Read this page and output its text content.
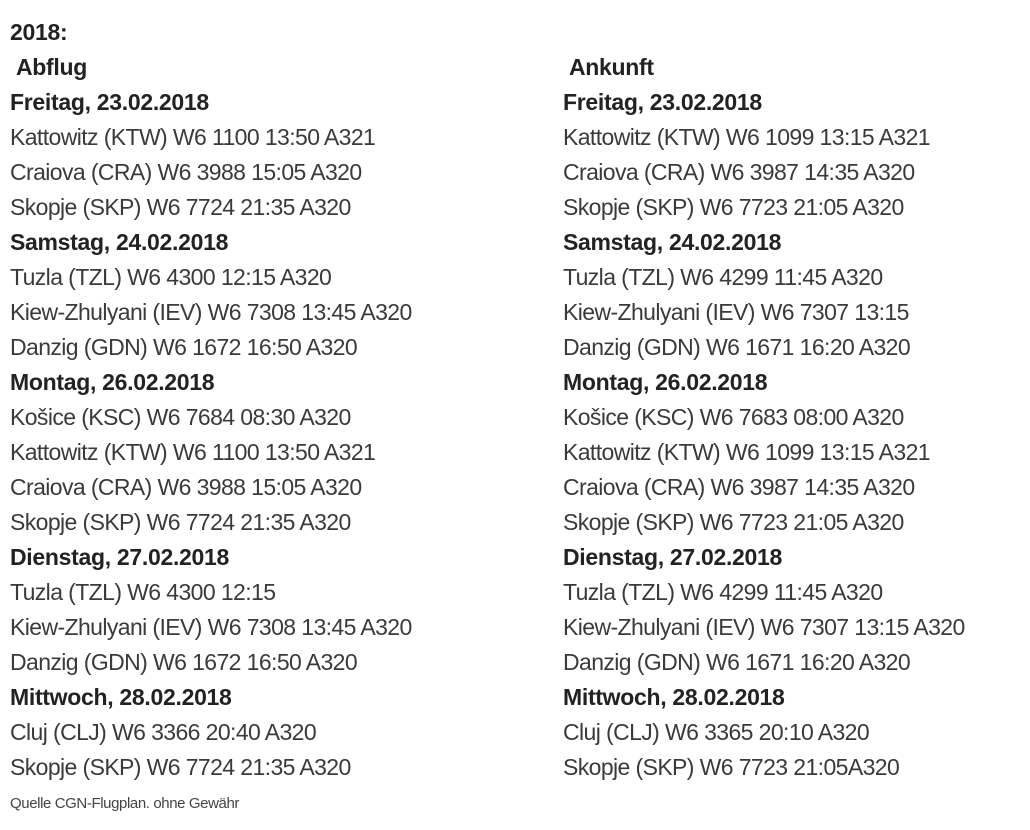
2018:
Abflug
Freitag, 23.02.2018
Kattowitz (KTW) W6 1100 13:50 A321
Craiova (CRA) W6 3988 15:05 A320
Skopje (SKP) W6 7724 21:35 A320
Samstag, 24.02.2018
Tuzla (TZL) W6 4300 12:15 A320
Kiew-Zhulyani (IEV) W6 7308 13:45 A320
Danzig (GDN) W6 1672 16:50 A320
Montag, 26.02.2018
Košice (KSC) W6 7684 08:30 A320
Kattowitz (KTW) W6 1100 13:50 A321
Craiova (CRA) W6 3988 15:05 A320
Skopje (SKP) W6 7724 21:35 A320
Dienstag, 27.02.2018
Tuzla (TZL) W6 4300 12:15
Kiew-Zhulyani (IEV) W6 7308 13:45 A320
Danzig (GDN) W6 1672 16:50 A320
Mittwoch, 28.02.2018
Cluj (CLJ) W6 3366 20:40 A320
Skopje (SKP) W6 7724 21:35 A320
Ankunft
Freitag, 23.02.2018
Kattowitz (KTW) W6 1099 13:15 A321
Craiova (CRA) W6 3987 14:35 A320
Skopje (SKP) W6 7723 21:05 A320
Samstag, 24.02.2018
Tuzla (TZL) W6 4299 11:45 A320
Kiew-Zhulyani (IEV) W6 7307 13:15
Danzig (GDN) W6 1671 16:20 A320
Montag, 26.02.2018
Košice (KSC) W6 7683 08:00 A320
Kattowitz (KTW) W6 1099 13:15 A321
Craiova (CRA) W6 3987 14:35 A320
Skopje (SKP) W6 7723 21:05 A320
Dienstag, 27.02.2018
Tuzla (TZL) W6 4299 11:45 A320
Kiew-Zhulyani (IEV) W6 7307 13:15 A320
Danzig (GDN) W6 1671 16:20 A320
Mittwoch, 28.02.2018
Cluj (CLJ) W6 3365 20:10 A320
Skopje (SKP) W6 7723 21:05A320
Quelle CGN-Flugplan. ohne Gewähr
